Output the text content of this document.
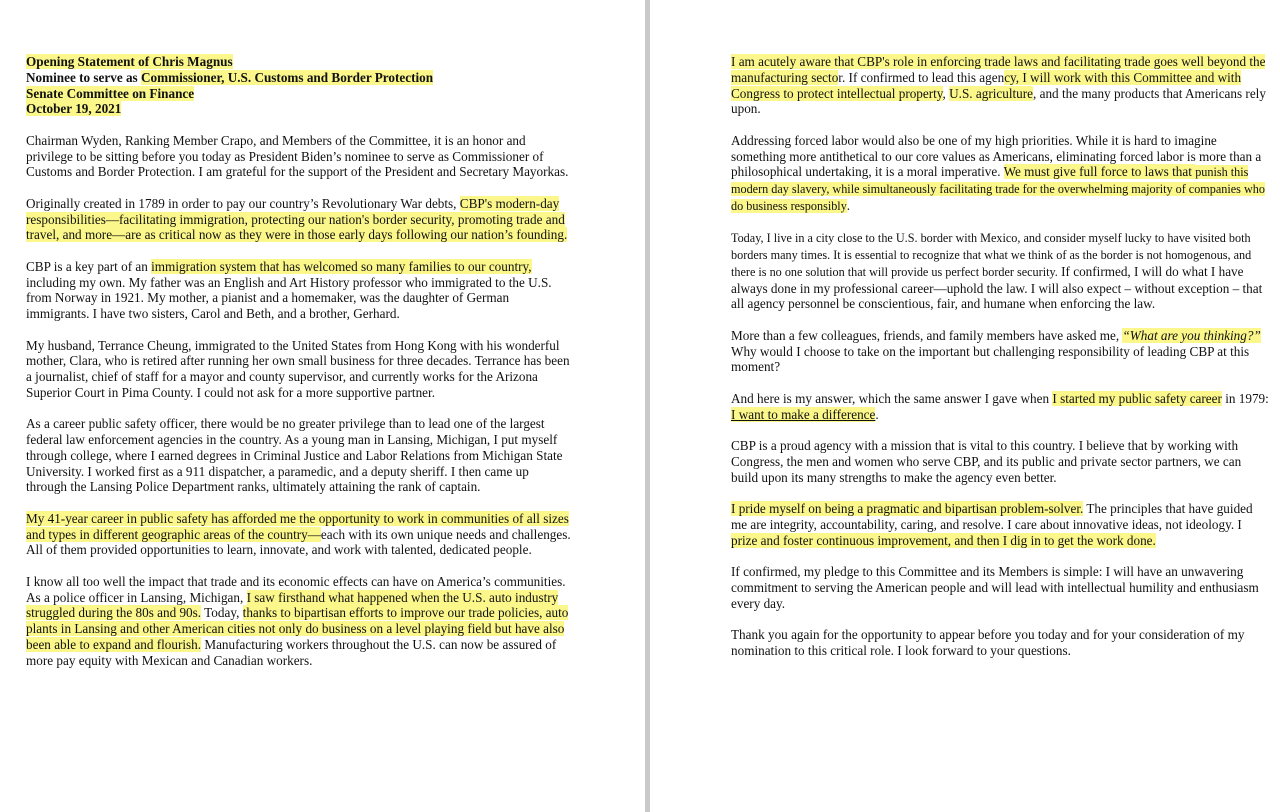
Opening Statement of Chris Magnus
Nominee to serve as Commissioner, U.S. Customs and Border Protection
Senate Committee on Finance
October 19, 2021

Chairman Wyden, Ranking Member Crapo, and Members of the Committee, it is an honor and privilege to be sitting before you today as President Biden’s nominee to serve as Commissioner of Customs and Border Protection. I am grateful for the support of the President and Secretary Mayorkas.

Originally created in 1789 in order to pay our country’s Revolutionary War debts, CBP's modern-day responsibilities—facilitating immigration, protecting our nation's border security, promoting trade and travel, and more—are as critical now as they were in those early days following our nation’s founding.

CBP is a key part of an immigration system that has welcomed so many families to our country, including my own. My father was an English and Art History professor who immigrated to the U.S. from Norway in 1921. My mother, a pianist and a homemaker, was the daughter of German immigrants. I have two sisters, Carol and Beth, and a brother, Gerhard.

My husband, Terrance Cheung, immigrated to the United States from Hong Kong with his wonderful mother, Clara, who is retired after running her own small business for three decades. Terrance has been a journalist, chief of staff for a mayor and county supervisor, and currently works for the Arizona Superior Court in Pima County. I could not ask for a more supportive partner.

As a career public safety officer, there would be no greater privilege than to lead one of the largest federal law enforcement agencies in the country. As a young man in Lansing, Michigan, I put myself through college, where I earned degrees in Criminal Justice and Labor Relations from Michigan State University. I worked first as a 911 dispatcher, a paramedic, and a deputy sheriff. I then came up through the Lansing Police Department ranks, ultimately attaining the rank of captain.

My 41-year career in public safety has afforded me the opportunity to work in communities of all sizes and types in different geographic areas of the country—each with its own unique needs and challenges. All of them provided opportunities to learn, innovate, and work with talented, dedicated people.

I know all too well the impact that trade and its economic effects can have on America’s communities. As a police officer in Lansing, Michigan, I saw firsthand what happened when the U.S. auto industry struggled during the 80s and 90s. Today, thanks to bipartisan efforts to improve our trade policies, auto plants in Lansing and other American cities not only do business on a level playing field but have also been able to expand and flourish. Manufacturing workers throughout the U.S. can now be assured of more pay equity with Mexican and Canadian workers.

I am acutely aware that CBP's role in enforcing trade laws and facilitating trade goes well beyond the manufacturing sector. If confirmed to lead this agency, I will work with this Committee and with Congress to protect intellectual property, U.S. agriculture, and the many products that Americans rely upon.

Addressing forced labor would also be one of my high priorities. While it is hard to imagine something more antithetical to our core values as Americans, eliminating forced labor is more than a philosophical undertaking, it is a moral imperative. We must give full force to laws that punish this modern day slavery, while simultaneously facilitating trade for the overwhelming majority of companies who do business responsibly.

Today, I live in a city close to the U.S. border with Mexico, and consider myself lucky to have visited both borders many times. It is essential to recognize that what we think of as the border is not homogenous, and there is no one solution that will provide us perfect border security. If confirmed, I will do what I have always done in my professional career—uphold the law. I will also expect – without exception – that all agency personnel be conscientious, fair, and humane when enforcing the law.

More than a few colleagues, friends, and family members have asked me, “What are you thinking?” Why would I choose to take on the important but challenging responsibility of leading CBP at this moment?

And here is my answer, which the same answer I gave when I started my public safety career in 1979: I want to make a difference.

CBP is a proud agency with a mission that is vital to this country. I believe that by working with Congress, the men and women who serve CBP, and its public and private sector partners, we can build upon its many strengths to make the agency even better.

I pride myself on being a pragmatic and bipartisan problem-solver. The principles that have guided me are integrity, accountability, caring, and resolve. I care about innovative ideas, not ideology. I prize and foster continuous improvement, and then I dig in to get the work done.

If confirmed, my pledge to this Committee and its Members is simple: I will have an unwavering commitment to serving the American people and will lead with intellectual humility and enthusiasm every day.

Thank you again for the opportunity to appear before you today and for your consideration of my nomination to this critical role. I look forward to your questions.
